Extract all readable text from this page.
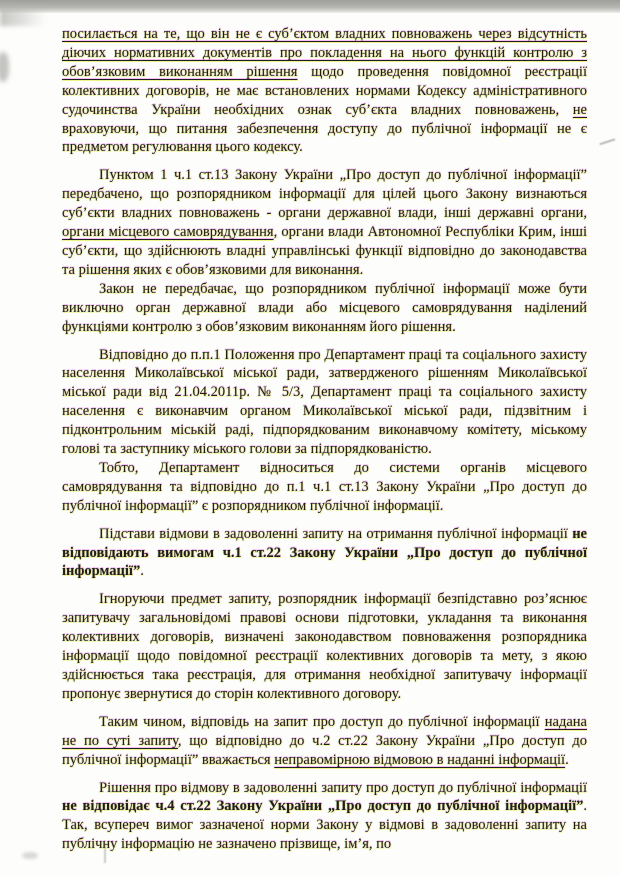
посилається на те, що він не є суб’єктом владних повноважень через відсутність діючих нормативних документів про покладення на нього функцій контролю з обов’язковим виконанням рішення щодо проведення повідомної реєстрації колективних договорів, не має встановлених нормами Кодексу адміністративного судочинства України необхідних ознак суб’єкта владних повноважень, не враховуючи, що питання забезпечення доступу до публічної інформації не є предметом регулювання цього кодексу.

Пунктом 1 ч.1 ст.13 Закону України „Про доступ до публічної інформації” передбачено, що розпорядником інформації для цілей цього Закону визнаються суб’єкти владних повноважень - органи державної влади, інші державні органи, органи місцевого самоврядування, органи влади Автономної Республіки Крим, інші суб’єкти, що здійснюють владні управлінські функції відповідно до законодавства та рішення яких є обов’язковими для виконання.

Закон не передбачає, що розпорядником публічної інформації може бути виключно орган державної влади або місцевого самоврядування наділений функціями контролю з обов’язковим виконанням його рішення.

Відповідно до п.п.1 Положення про Департамент праці та соціального захисту населення Миколаївської міської ради, затвердженого рішенням Миколаївської міської ради від 21.04.2011р. № 5/3, Департамент праці та соціального захисту населення є виконавчим органом Миколаївської міської ради, підзвітним і підконтрольним міській раді, підпорядкованим виконавчому комітету, міському голові та заступнику міського голови за підпорядкованістю.

Тобто, Департамент відноситься до системи органів місцевого самоврядування та відповідно до п.1 ч.1 ст.13 Закону України „Про доступ до публічної інформації” є розпорядником публічної інформації.

Підстави відмови в задоволенні запиту на отримання публічної інформації не відповідають вимогам ч.1 ст.22 Закону України „Про доступ до публічної інформації”.

Ігноруючи предмет запиту, розпорядник інформації безпідставно роз’яснює запитувачу загальновідомі правові основи підготовки, укладання та виконання колективних договорів, визначені законодавством повноваження розпорядника інформації щодо повідомної реєстрації колективних договорів та мету, з якою здійснюється така реєстрація, для отримання необхідної запитувачу інформації пропонує звернутися до сторін колективного договору.

Таким чином, відповідь на запит про доступ до публічної інформації надана не по суті запиту, що відповідно до ч.2 ст.22 Закону України „Про доступ до публічної інформації” вважається неправомірною відмовою в наданні інформації.

Рішення про відмову в задоволенні запиту про доступ до публічної інформації не відповідає ч.4 ст.22 Закону України „Про доступ до публічної інформації”. Так, всупереч вимог зазначеної норми Закону у відмові в задоволенні запиту на публічну інформацію не зазначено прізвище, ім’я, по
